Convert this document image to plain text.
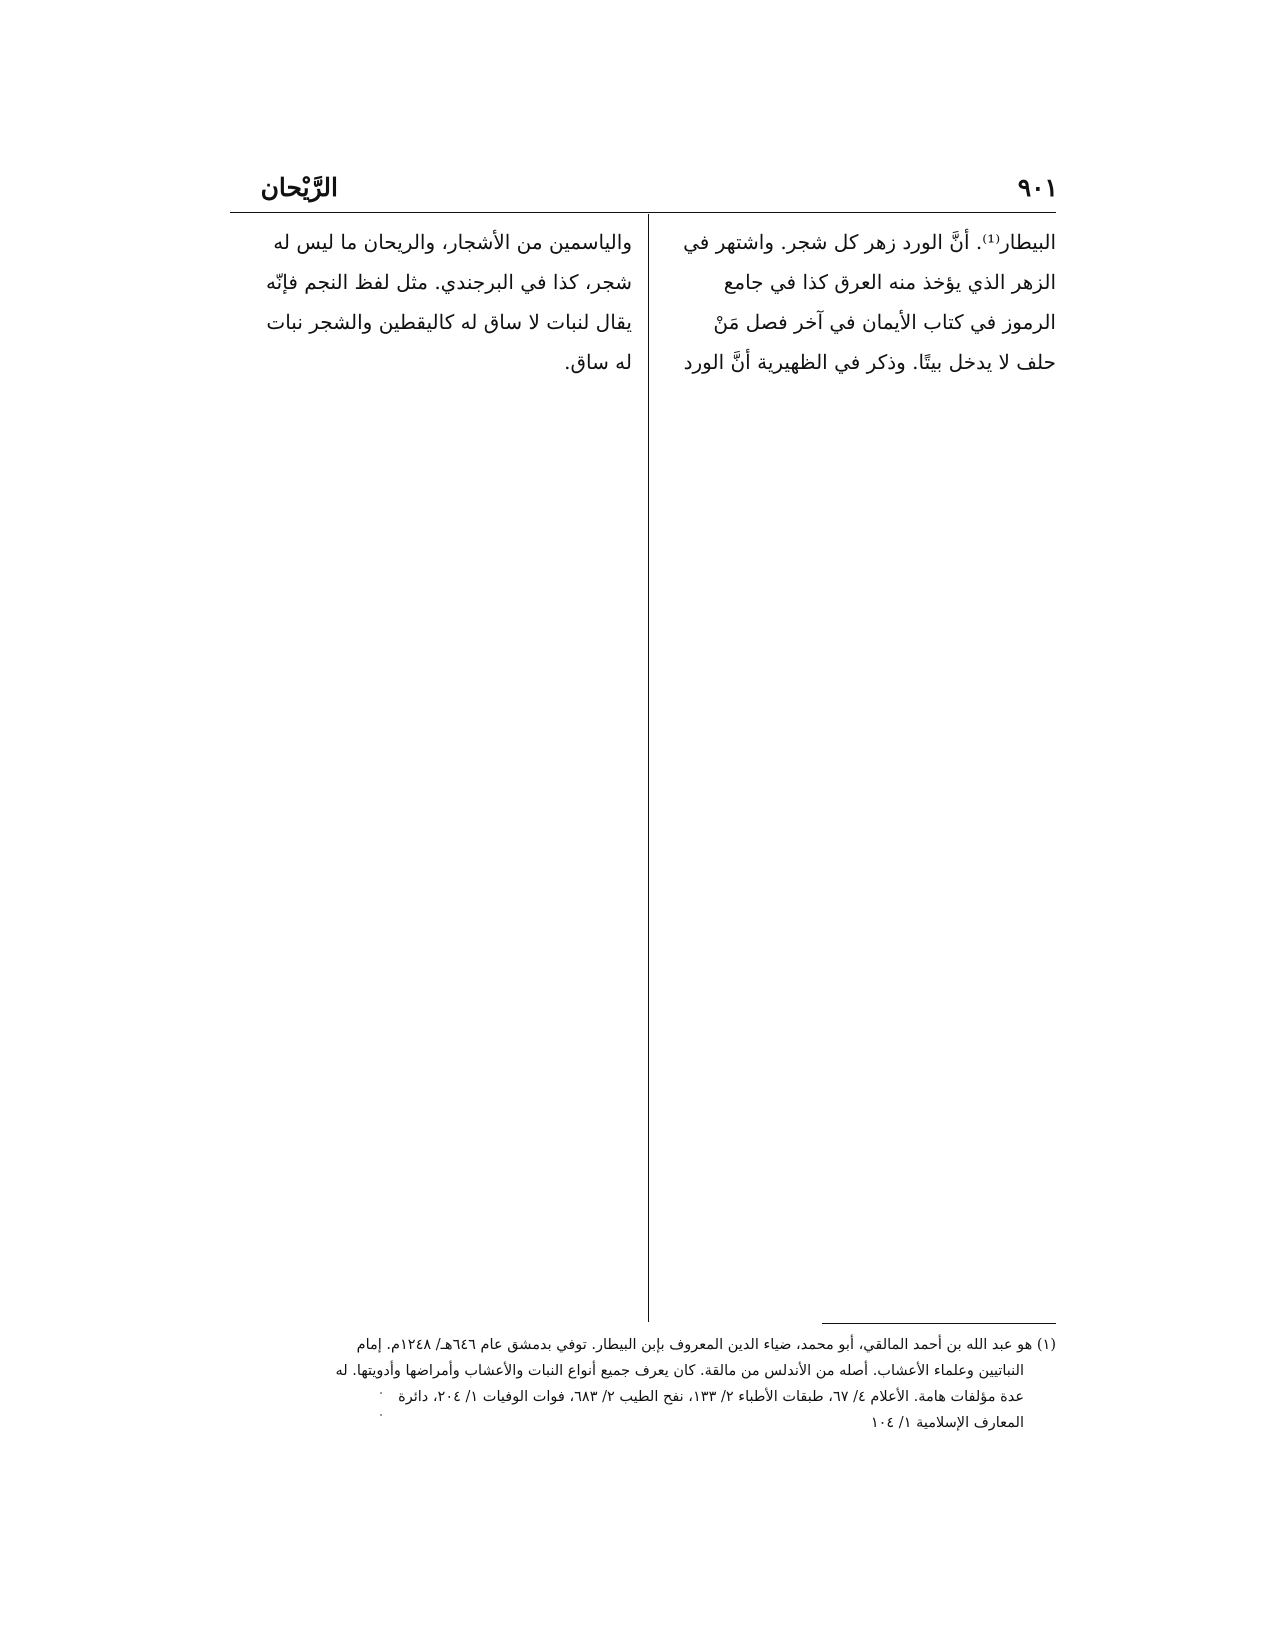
الرَّيْحان	٩٠١
البيطار⁽¹⁾. أنَّ الورد زهر كل شجر. واشتهر في
الزهر الذي يؤخذ منه العرق كذا في جامع
الرموز في كتاب الأيمان في آخر فصل مَنْ
حلف لا يدخل بيتًا. وذكر في الظهيرية أنَّ الورد
والياسمين من الأشجار، والريحان ما ليس له
شجر، كذا في البرجندي. مثل لفظ النجم فإنّه
يقال لنبات لا ساق له كاليقطين والشجر نبات
له ساق.
(١) هو عبد الله بن أحمد المالقي، أبو محمد، ضياء الدين المعروف بإبن البيطار. توفي بدمشق عام ٦٤٦هـ/ ١٢٤٨م. إمام
النباتيين وعلماء الأعشاب. أصله من الأندلس من مالقة. كان يعرف جميع أنواع النبات والأعشاب وأمراضها وأدويتها. له
عدة مؤلفات هامة. الأعلام ٤/ ٦٧، طبقات الأطباء ٢/ ١٣٣، نفح الطيب ٢/ ٦٨٣، فوات الوفيات ١/ ٢٠٤، دائرة
المعارف الإسلامية ١/ ١٠٤
